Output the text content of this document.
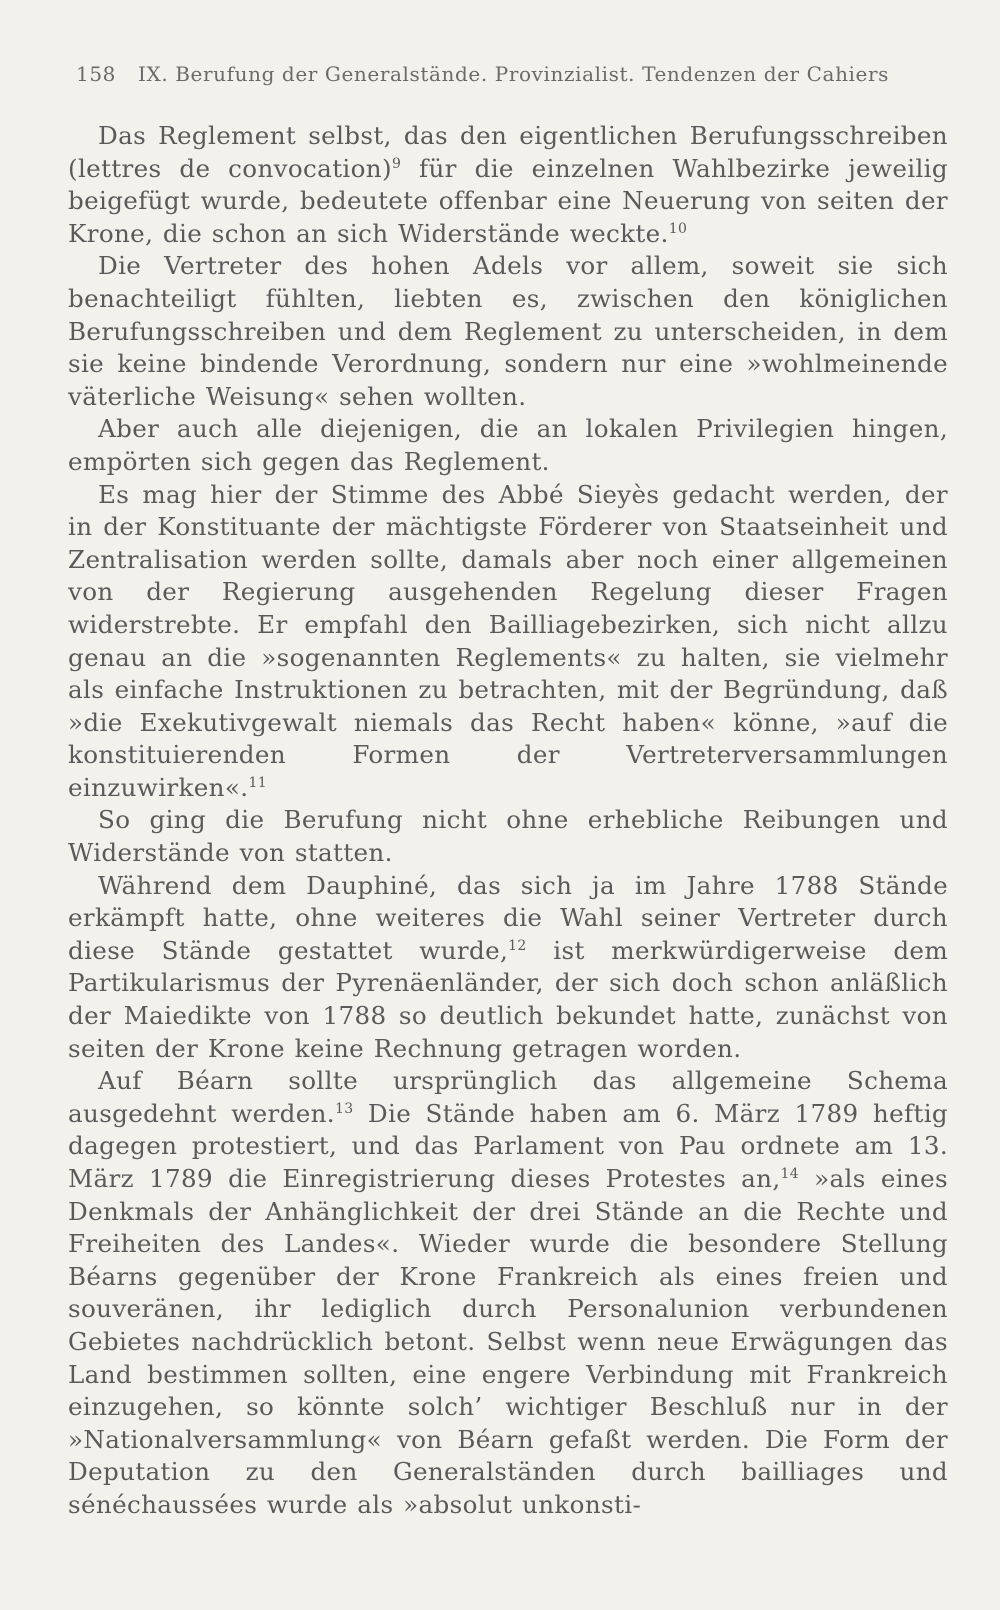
158 IX. Berufung der Generalstände. Provinzialist. Tendenzen der Cahiers

Das Reglement selbst, das den eigentlichen Berufungsschreiben (lettres de convocation)$^9$ für die einzelnen Wahlbezirke jeweilig beigefügt wurde, bedeutete offenbar eine Neuerung von seiten der Krone, die schon an sich Widerstände weckte.$^{10}$

Die Vertreter des hohen Adels vor allem, soweit sie sich benachteiligt fühlten, liebten es, zwischen den königlichen Berufungsschreiben und dem Reglement zu unterscheiden, in dem sie keine bindende Verordnung, sondern nur eine »wohlmeinende väterliche Weisung« sehen wollten.

Aber auch alle diejenigen, die an lokalen Privilegien hingen, empörten sich gegen das Reglement.

Es mag hier der Stimme des Abbé Sieyès gedacht werden, der in der Konstituante der mächtigste Förderer von Staatseinheit und Zentralisation werden sollte, damals aber noch einer allgemeinen von der Regierung ausgehenden Regelung dieser Fragen widerstrebte. Er empfahl den Bailliagebezirken, sich nicht allzu genau an die »sogenannten Reglements« zu halten, sie vielmehr als einfache Instruktionen zu betrachten, mit der Begründung, daß »die Exekutivgewalt niemals das Recht haben« könne, »auf die konstituierenden Formen der Vertreterversammlungen einzuwirken«.$^{11}$

So ging die Berufung nicht ohne erhebliche Reibungen und Widerstände von statten.

Während dem Dauphiné, das sich ja im Jahre 1788 Stände erkämpft hatte, ohne weiteres die Wahl seiner Vertreter durch diese Stände gestattet wurde,$^{12}$ ist merkwürdigerweise dem Partikularismus der Pyrenäenländer, der sich doch schon anläßlich der Maiedikte von 1788 so deutlich bekundet hatte, zunächst von seiten der Krone keine Rechnung getragen worden.

Auf Béarn sollte ursprünglich das allgemeine Schema ausgedehnt werden.$^{13}$ Die Stände haben am 6. März 1789 heftig dagegen protestiert, und das Parlament von Pau ordnete am 13. März 1789 die Einregistrierung dieses Protestes an,$^{14}$ »als eines Denkmals der Anhänglichkeit der drei Stände an die Rechte und Freiheiten des Landes«. Wieder wurde die besondere Stellung Béarns gegenüber der Krone Frankreich als eines freien und souveränen, ihr lediglich durch Personalunion verbundenen Gebietes nachdrücklich betont. Selbst wenn neue Erwägungen das Land bestimmen sollten, eine engere Verbindung mit Frankreich einzugehen, so könnte solch’ wichtiger Beschluß nur in der »Nationalversammlung« von Béarn gefaßt werden. Die Form der Deputation zu den Generalständen durch bailliages und sénéchaussées wurde als »absolut unkonsti-
